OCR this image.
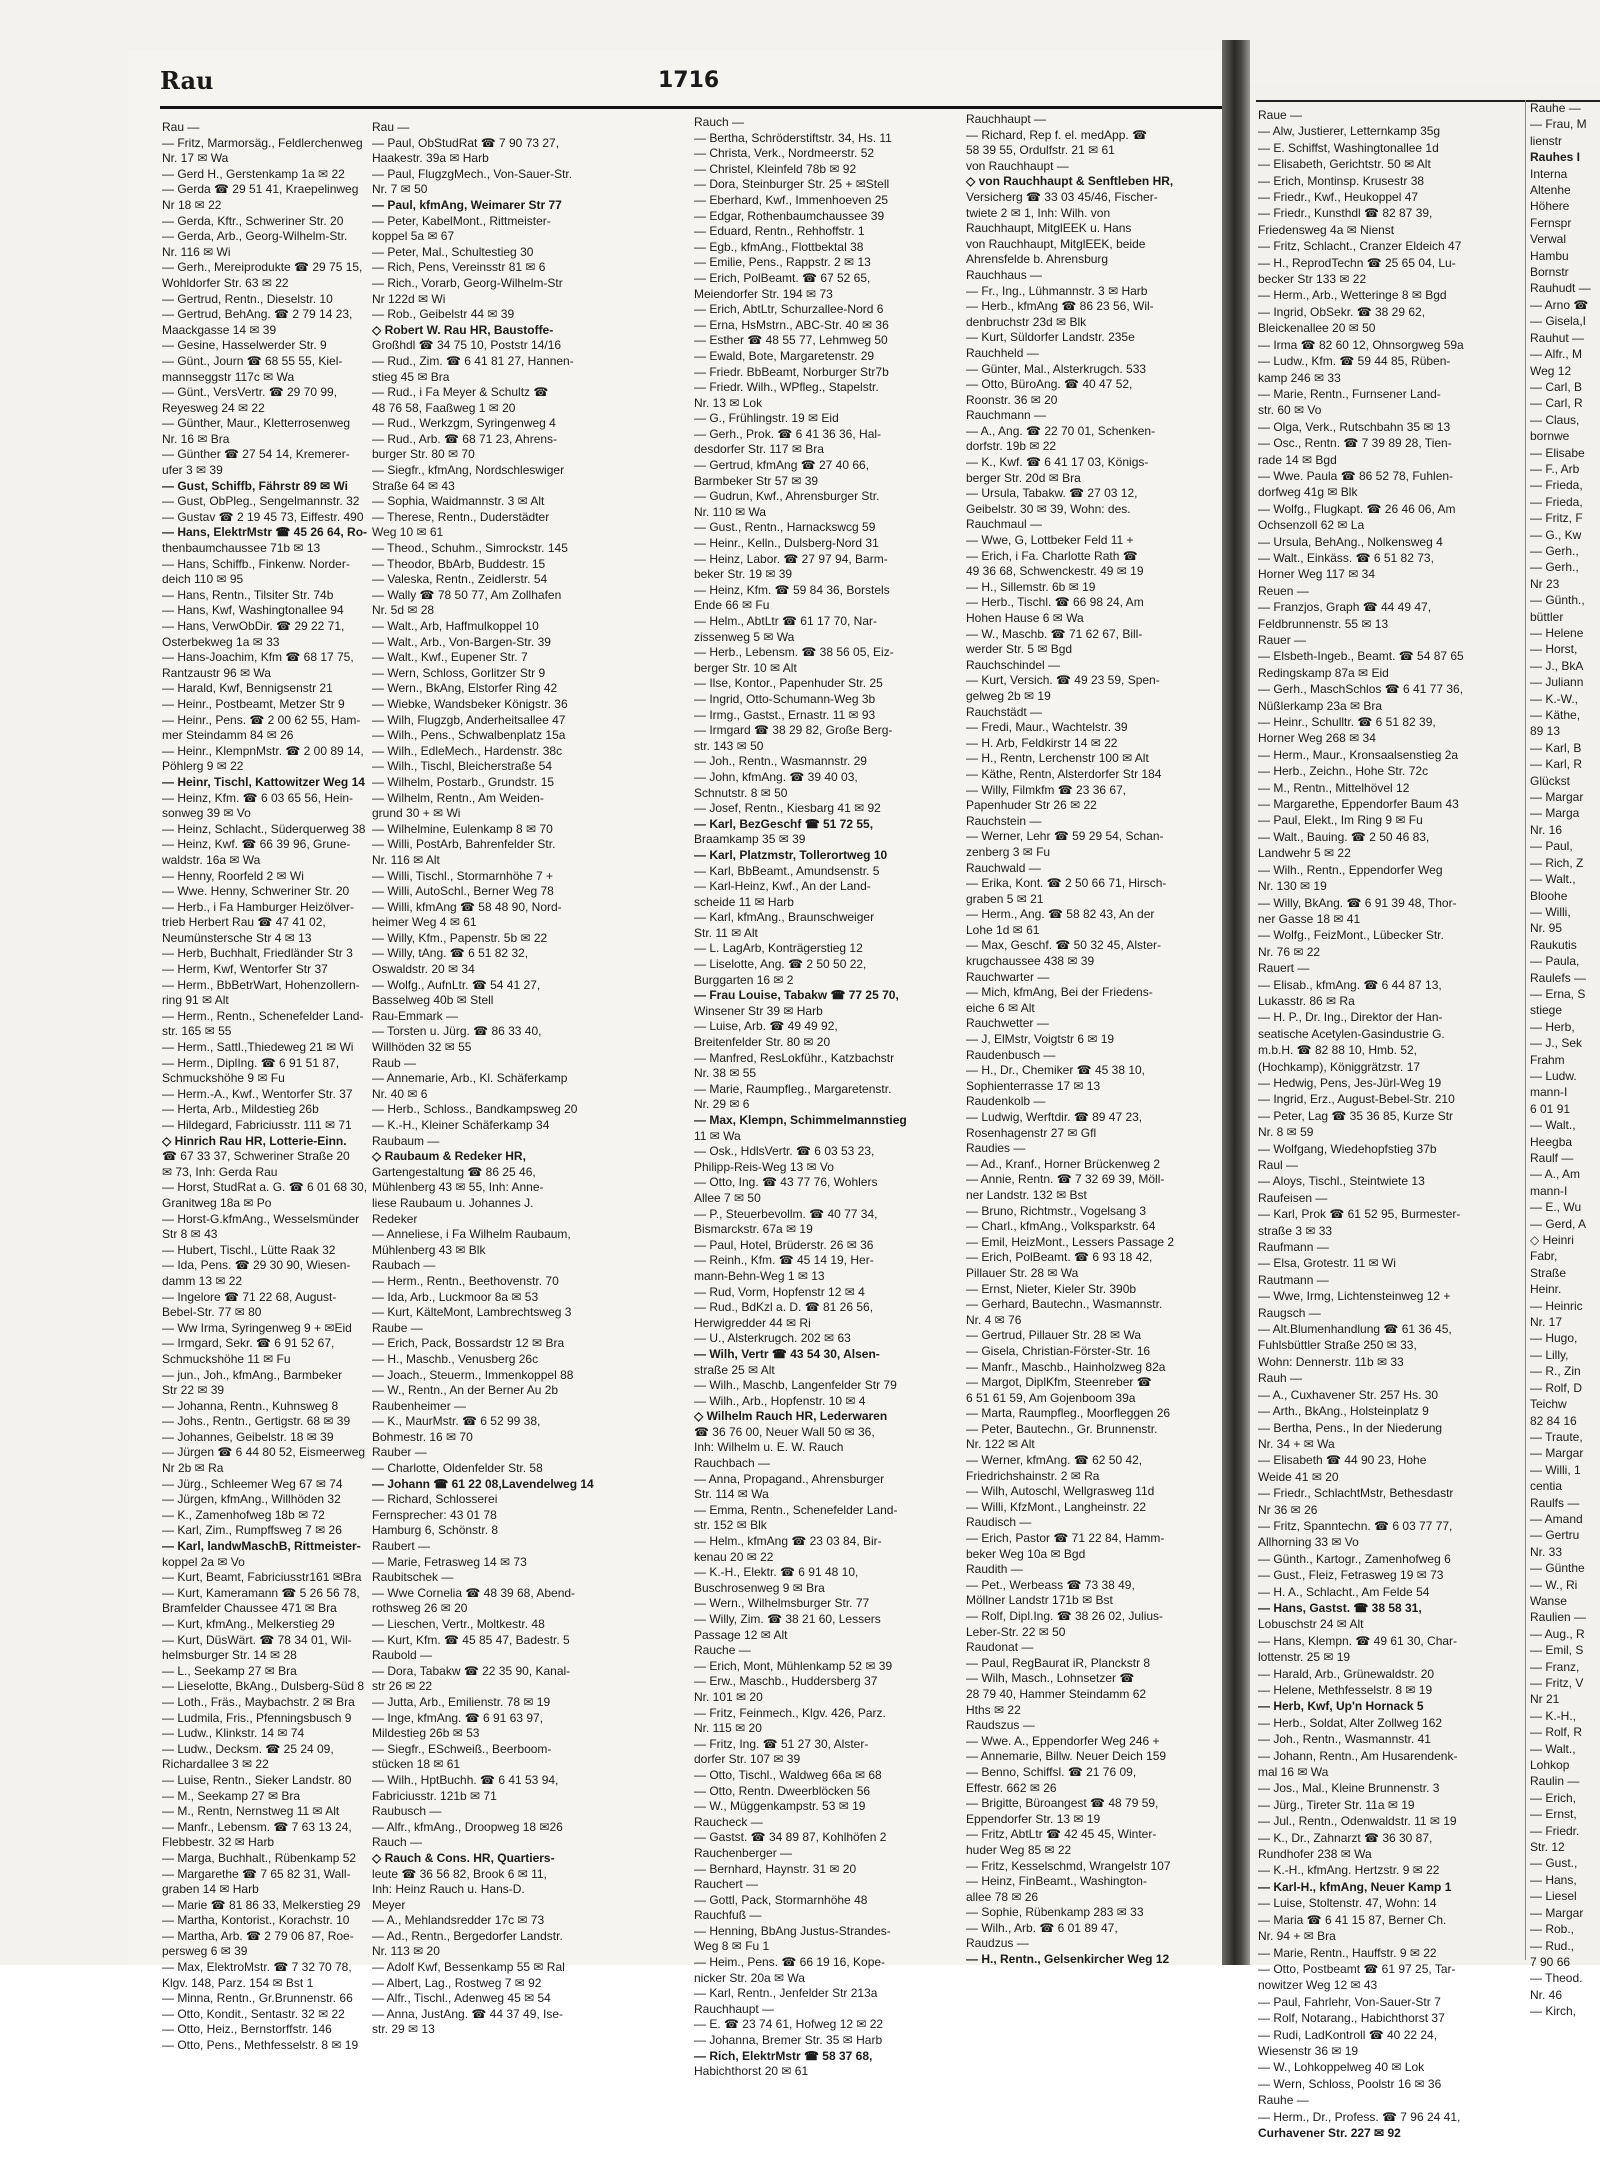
Rau	1716
Rau —
— Fritz, Marmorsäg., Feldlerchenweg
Nr. 17 ✉ Wa
— Gerd H., Gerstenkamp 1a ✉ 22
— Gerda ☎ 29 51 41, Kraepelinweg
Nr 18 ✉ 22
— Gerda, Kftr., Schweriner Str. 20
— Gerda, Arb., Georg-Wilhelm-Str.
Nr. 116 ✉ Wi
— Gerh., Mereiprodukte ☎ 29 75 15,
Wohldorfer Str. 63 ✉ 22
— Gertrud, Rentn., Dieselstr. 10
— Gertrud, BehAng. ☎ 2 79 14 23,
Maackgasse 14 ✉ 39
— Gesine, Hasselwerder Str. 9
— Günt., Journ ☎ 68 55 55, Kiel-
mannseggstr 117c ✉ Wa
— Günt., VersVertr. ☎ 29 70 99,
Reyesweg 24 ✉ 22
— Günther, Maur., Kletterrosenweg
Nr. 16 ✉ Bra
— Günther ☎ 27 54 14, Kremerer-
ufer 3 ✉ 39
— Gust, Schiffb, Fährstr 89 ✉ Wi
— Gust, ObPleg., Sengelmannstr. 32
— Gustav ☎ 2 19 45 73, Eiffestr. 490
— Hans, ElektrMstr ☎ 45 26 64, Ro-
thenbaumchaussee 71b ✉ 13
— Hans, Schiffb., Finkenw. Norder-
deich 110 ✉ 95
— Hans, Rentn., Tilsiter Str. 74b
— Hans, Kwf, Washingtonallee 94
— Hans, VerwObDir. ☎ 29 22 71,
Osterbekweg 1a ✉ 33
— Hans-Joachim, Kfm ☎ 68 17 75,
Rantzaustr 96 ✉ Wa
— Harald, Kwf, Bennigsenstr 21
— Heinr., Postbeamt, Metzer Str 9
— Heinr., Pens. ☎ 2 00 62 55, Ham-
mer Steindamm 84 ✉ 26
— Heinr., KlempnMstr. ☎ 2 00 89 14,
Pöhlerg 9 ✉ 22
— Heinr, Tischl, Kattowitzer Weg 14
— Heinz, Kfm. ☎ 6 03 65 56, Hein-
sonweg 39 ✉ Vo
— Heinz, Schlacht., Süderquerweg 38
— Heinz, Kwf. ☎ 66 39 96, Grune-
waldstr. 16a ✉ Wa
— Henny, Roorfeld 2 ✉ Wi
— Wwe. Henny, Schweriner Str. 20
— Herb., i Fa Hamburger Heizölver-
trieb Herbert Rau ☎ 47 41 02,
Neumünstersche Str 4 ✉ 13
— Herb, Buchhalt, Friedländer Str 3
— Herm, Kwf, Wentorfer Str 37
— Herm., BbBetrWart, Hohenzollern-
ring 91 ✉ Alt
— Herm., Rentn., Schenefelder Land-
str. 165 ✉ 55
— Herm., Sattl.,Thiedeweg 21 ✉ Wi
— Herm., DiplIng. ☎ 6 91 51 87,
Schmuckshöhe 9 ✉ Fu
— Herm.-A., Kwf., Wentorfer Str. 37
— Herta, Arb., Mildestieg 26b
— Hildegard, Fabriciusstr. 111 ✉ 71
◇ Hinrich Rau HR, Lotterie-Einn.
☎ 67 33 37, Schweriner Straße 20
✉ 73, Inh: Gerda Rau
— Horst, StudRat a. G. ☎ 6 01 68 30,
Granitweg 18a ✉ Po
— Horst-G.kfmAng., Wesselsmünder
Str 8 ✉ 43
— Hubert, Tischl., Lütte Raak 32
— Ida, Pens. ☎ 29 30 90, Wiesen-
damm 13 ✉ 22
— Ingelore ☎ 71 22 68, August-
Bebel-Str. 77 ✉ 80
— Ww Irma, Syringenweg 9 + ✉Eid
— Irmgard, Sekr. ☎ 6 91 52 67,
Schmuckshöhe 11 ✉ Fu
— jun., Joh., kfmAng., Barmbeker
Str 22 ✉ 39
— Johanna, Rentn., Kuhnsweg 8
— Johs., Rentn., Gertigstr. 68 ✉ 39
— Johannes, Geibelstr. 18 ✉ 39
— Jürgen ☎ 6 44 80 52, Eismeerweg
Nr 2b ✉ Ra
— Jürg., Schleemer Weg 67 ✉ 74
— Jürgen, kfmAng., Willhöden 32
— K., Zamenhofweg 18b ✉ 72
— Karl, Zim., Rumpffsweg 7 ✉ 26
— Karl, landwMaschB, Rittmeister-
koppel 2a ✉ Vo
— Kurt, Beamt, Fabriciusstr161 ✉Bra
— Kurt, Kameramann ☎ 5 26 56 78,
Bramfelder Chaussee 471 ✉ Bra
— Kurt, kfmAng., Melkerstieg 29
— Kurt, DüsWärt. ☎ 78 34 01, Wil-
helmsburger Str. 14 ✉ 28
— L., Seekamp 27 ✉ Bra
— Lieselotte, BkAng., Dulsberg-Süd 8
— Loth., Fräs., Maybachstr. 2 ✉ Bra
— Ludmila, Fris., Pfenningsbusch 9
— Ludw., Klinkstr. 14 ✉ 74
— Ludw., Decksm. ☎ 25 24 09,
Richardallee 3 ✉ 22
— Luise, Rentn., Sieker Landstr. 80
— M., Seekamp 27 ✉ Bra
— M., Rentn, Nernstweg 11 ✉ Alt
— Manfr., Lebensm. ☎ 7 63 13 24,
Flebbestr. 32 ✉ Harb
— Marga, Buchhalt., Rübenkamp 52
— Margarethe ☎ 7 65 82 31, Wall-
graben 14 ✉ Harb
— Marie ☎ 81 86 33, Melkerstieg 29
— Martha, Kontorist., Korachstr. 10
— Martha, Arb. ☎ 2 79 06 87, Roe-
persweg 6 ✉ 39
— Max, ElektroMstr. ☎ 7 32 70 78,
Klgv. 148, Parz. 154 ✉ Bst 1
— Minna, Rentn., Gr.Brunnenstr. 66
— Otto, Kondit., Sentastr. 32 ✉ 22
— Otto, Heiz., Bernstorffstr. 146
— Otto, Pens., Methfesselstr. 8 ✉ 19
Rau —
— Paul, ObStudRat ☎ 7 90 73 27,
Haakestr. 39a ✉ Harb
— Paul, FlugzgMech., Von-Sauer-Str.
Nr. 7 ✉ 50
— Paul, kfmAng, Weimarer Str 77
— Peter, KabelMont., Rittmeister-
koppel 5a ✉ 67
— Peter, Mal., Schultestieg 30
— Rich, Pens, Vereinsstr 81 ✉ 6
— Rich., Vorarb, Georg-Wilhelm-Str
Nr 122d ✉ Wi
— Rob., Geibelstr 44 ✉ 39
◇ Robert W. Rau HR, Baustoffe-
Großhdl ☎ 34 75 10, Poststr 14/16
— Rud., Zim. ☎ 6 41 81 27, Hannen-
stieg 45 ✉ Bra
— Rud., i Fa Meyer & Schultz ☎
48 76 58, Faaßweg 1 ✉ 20
— Rud., Werkzgm, Syringenweg 4
— Rud., Arb. ☎ 68 71 23, Ahrens-
burger Str. 80 ✉ 70
— Siegfr., kfmAng, Nordschleswiger
Straße 64 ✉ 43
— Sophia, Waidmannstr. 3 ✉ Alt
— Therese, Rentn., Duderstädter
Weg 10 ✉ 61
— Theod., Schuhm., Simrockstr. 145
— Theodor, BbArb, Buddestr. 15
— Valeska, Rentn., Zeidlerstr. 54
— Wally ☎ 78 50 77, Am Zollhafen
Nr. 5d ✉ 28
— Walt., Arb, Haffmulkoppel 10
— Walt., Arb., Von-Bargen-Str. 39
— Walt., Kwf., Eupener Str. 7
— Wern, Schloss, Gorlitzer Str 9
— Wern., BkAng, Elstorfer Ring 42
— Wiebke, Wandsbeker Königstr. 36
— Wilh, Flugzgb, Anderheitsallee 47
— Wilh., Pens., Schwalbenplatz 15a
— Wilh., EdleMech., Hardenstr. 38c
— Wilh., Tischl, Bleicherstraße 54
— Wilhelm, Postarb., Grundstr. 15
— Wilhelm, Rentn., Am Weiden-
grund 30 + ✉ Wi
— Wilhelmine, Eulenkamp 8 ✉ 70
— Willi, PostArb, Bahrenfelder Str.
Nr. 116 ✉ Alt
— Willi, Tischl., Stormarnhöhe 7 +
— Willi, AutoSchl., Berner Weg 78
— Willi, kfmAng ☎ 58 48 90, Nord-
heimer Weg 4 ✉ 61
— Willy, Kfm., Papenstr. 5b ✉ 22
— Willy, tAng. ☎ 6 51 82 32,
Oswaldstr. 20 ✉ 34
— Wolfg., AufnLtr. ☎ 54 41 27,
Basselweg 40b ✉ Stell
Rau-Emmark —
— Torsten u. Jürg. ☎ 86 33 40,
Willhöden 32 ✉ 55
Raub —
— Annemarie, Arb., Kl. Schäferkamp
Nr. 40 ✉ 6
— Herb., Schloss., Bandkampsweg 20
— K.-H., Kleiner Schäferkamp 34
Raubaum —
◇ Raubaum & Redeker HR,
Gartengestaltung ☎ 86 25 46,
Mühlenberg 43 ✉ 55, Inh: Anne-
liese Raubaum u. Johannes J.
Redeker
— Anneliese, i Fa Wilhelm Raubaum,
Mühlenberg 43 ✉ Blk
Raubach —
— Herm., Rentn., Beethovenstr. 70
— Ida, Arb., Luckmoor 8a ✉ 53
— Kurt, KälteMont, Lambrechtsweg 3
Raube —
— Erich, Pack, Bossardstr 12 ✉ Bra
— H., Maschb., Venusberg 26c
— Joach., Steuerm., Immenkoppel 88
— W., Rentn., An der Berner Au 2b
Raubenheimer —
— K., MaurMstr. ☎ 6 52 99 38,
Bohmestr. 16 ✉ 70
Rauber —
— Charlotte, Oldenfelder Str. 58
— Johann ☎ 61 22 08,Lavendelweg 14
— Richard, Schlosserei
Fernsprecher: 43 01 78
Hamburg 6, Schönstr. 8
Raubert —
— Marie, Fetrasweg 14 ✉ 73
Raubitschek —
— Wwe Cornelia ☎ 48 39 68, Abend-
rothsweg 26 ✉ 20
— Lieschen, Vertr., Moltkestr. 48
— Kurt, Kfm. ☎ 45 85 47, Badestr. 5
Raubold —
— Dora, Tabakw ☎ 22 35 90, Kanal-
str 26 ✉ 22
— Jutta, Arb., Emilienstr. 78 ✉ 19
— Inge, kfmAng. ☎ 6 91 63 97,
Mildestieg 26b ✉ 53
— Siegfr., ESchweiß., Beerboom-
stücken 18 ✉ 61
— Wilh., HptBuchh. ☎ 6 41 53 94,
Fabriciusstr. 121b ✉ 71
Raubusch —
— Alfr., kfmAng., Droopweg 18 ✉26
Rauch —
◇ Rauch & Cons. HR, Quartiers-
leute ☎ 36 56 82, Brook 6 ✉ 11,
Inh: Heinz Rauch u. Hans-D.
Meyer
— A., Mehlandsredder 17c ✉ 73
— Ad., Rentn., Bergedorfer Landstr.
Nr. 113 ✉ 20
— Adolf Kwf, Bessenkamp 55 ✉ Ral
— Albert, Lag., Rostweg 7 ✉ 92
— Alfr., Tischl., Adenweg 45 ✉ 54
— Anna, JustAng. ☎ 44 37 49, Ise-
str. 29 ✉ 13
Rauch —
— Bertha, Schröderstiftstr. 34, Hs. 11
— Christa, Verk., Nordmeerstr. 52
— Christel, Kleinfeld 78b ✉ 92
— Dora, Steinburger Str. 25 + ✉Stell
— Eberhard, Kwf., Immenhoeven 25
— Edgar, Rothenbaumchaussee 39
— Eduard, Rentn., Rehhoffstr. 1
— Egb., kfmAng., Flottbektal 38
— Emilie, Pens., Rappstr. 2 ✉ 13
— Erich, PolBeamt. ☎ 67 52 65,
Meiendorfer Str. 194 ✉ 73
— Erich, AbtLtr, Schurzallee-Nord 6
— Erna, HsMstrn., ABC-Str. 40 ✉ 36
— Esther ☎ 48 55 77, Lehmweg 50
— Ewald, Bote, Margaretenstr. 29
— Friedr. BbBeamt, Norburger Str7b
— Friedr. Wilh., WPfleg., Stapelstr.
Nr. 13 ✉ Lok
— G., Frühlingstr. 19 ✉ Eid
— Gerh., Prok. ☎ 6 41 36 36, Hal-
desdorfer Str. 117 ✉ Bra
— Gertrud, kfmAng ☎ 27 40 66,
Barmbeker Str 57 ✉ 39
— Gudrun, Kwf., Ahrensburger Str.
Nr. 110 ✉ Wa
— Gust., Rentn., Harnackswcg 59
— Heinr., Kelln., Dulsberg-Nord 31
— Heinz, Labor. ☎ 27 97 94, Barm-
beker Str. 19 ✉ 39
— Heinz, Kfm. ☎ 59 84 36, Borstels
Ende 66 ✉ Fu
— Helm., AbtLtr ☎ 61 17 70, Nar-
zissenweg 5 ✉ Wa
— Herb., Lebensm. ☎ 38 56 05, Eiz-
berger Str. 10 ✉ Alt
— Ilse, Kontor., Papenhuder Str. 25
— Ingrid, Otto-Schumann-Weg 3b
— Irmg., Gastst., Ernastr. 11 ✉ 93
— Irmgard ☎ 38 29 82, Große Berg-
str. 143 ✉ 50
— Joh., Rentn., Wasmannstr. 29
— John, kfmAng. ☎ 39 40 03,
Schnutstr. 8 ✉ 50
— Josef, Rentn., Kiesbarg 41 ✉ 92
— Karl, BezGeschf ☎ 51 72 55,
Braamkamp 35 ✉ 39
— Karl, Platzmstr, Tollerortweg 10
— Karl, BbBeamt., Amundsenstr. 5
— Karl-Heinz, Kwf., An der Land-
scheide 11 ✉ Harb
— Karl, kfmAng., Braunschweiger
Str. 11 ✉ Alt
— L. LagArb, Konträgerstieg 12
— Liselotte, Ang. ☎ 2 50 50 22,
Burggarten 16 ✉ 2
— Frau Louise, Tabakw ☎ 77 25 70,
Winsener Str 39 ✉ Harb
— Luise, Arb. ☎ 49 49 92,
Breitenfelder Str. 80 ✉ 20
— Manfred, ResLokführ., Katzbachstr
Nr. 38 ✉ 55
— Marie, Raumpfleg., Margaretenstr.
Nr. 29 ✉ 6
— Max, Klempn, Schimmelmannstieg
11 ✉ Wa
— Osk., HdlsVertr. ☎ 6 03 53 23,
Philipp-Reis-Weg 13 ✉ Vo
— Otto, Ing. ☎ 43 77 76, Wohlers
Allee 7 ✉ 50
— P., Steuerbevollm. ☎ 40 77 34,
Bismarckstr. 67a ✉ 19
— Paul, Hotel, Brüderstr. 26 ✉ 36
— Reinh., Kfm. ☎ 45 14 19, Her-
mann-Behn-Weg 1 ✉ 13
— Rud, Vorm, Hopfenstr 12 ✉ 4
— Rud., BdKzl a. D. ☎ 81 26 56,
Herwigredder 44 ✉ Ri
— U., Alsterkrugch. 202 ✉ 63
— Wilh, Vertr ☎ 43 54 30, Alsen-
straße 25 ✉ Alt
— Wilh., Maschb, Langenfelder Str 79
— Wilh., Arb., Hopfenstr. 10 ✉ 4
◇ Wilhelm Rauch HR, Lederwaren
☎ 36 76 00, Neuer Wall 50 ✉ 36,
Inh: Wilhelm u. E. W. Rauch
Rauchbach —
— Anna, Propagand., Ahrensburger
Str. 114 ✉ Wa
— Emma, Rentn., Schenefelder Land-
str. 152 ✉ Blk
— Helm., kfmAng ☎ 23 03 84, Bir-
kenau 20 ✉ 22
— K.-H., Elektr. ☎ 6 91 48 10,
Buschrosenweg 9 ✉ Bra
— Wern., Wilhelmsburger Str. 77
— Willy, Zim. ☎ 38 21 60, Lessers
Passage 12 ✉ Alt
Rauche —
— Erich, Mont, Mühlenkamp 52 ✉ 39
— Erw., Maschb., Huddersberg 37
Nr. 101 ✉ 20
— Fritz, Feinmech., Klgv. 426, Parz.
Nr. 115 ✉ 20
— Fritz, Ing. ☎ 51 27 30, Alster-
dorfer Str. 107 ✉ 39
— Otto, Tischl., Waldweg 66a ✉ 68
— Otto, Rentn. Dweerblöcken 56
— W., Müggenkampstr. 53 ✉ 19
Raucheck —
— Gastst. ☎ 34 89 87, Kohlhöfen 2
Rauchenberger —
— Bernhard, Haynstr. 31 ✉ 20
Rauchert —
— Gottl, Pack, Stormarnhöhe 48
Rauchfuß —
— Henning, BbAng Justus-Strandes-
Weg 8 ✉ Fu 1
— Heim., Pens. ☎ 66 19 16, Kope-
nicker Str. 20a ✉ Wa
— Karl, Rentn., Jenfelder Str 213a
Rauchhaupt —
— E. ☎ 23 74 61, Hofweg 12 ✉ 22
— Johanna, Bremer Str. 35 ✉ Harb
— Rich, ElektrMstr ☎ 58 37 68,
Habichthorst 20 ✉ 61
Rauchhaupt —
— Richard, Rep f. el. medApp. ☎
58 39 55, Ordulfstr. 21 ✉ 61
von Rauchhaupt —
◇ von Rauchhaupt & Senftleben HR,
Versicherg ☎ 33 03 45/46, Fischer-
twiete 2 ✉ 1, Inh: Wilh. von
Rauchhaupt, MitglEEK u. Hans
von Rauchhaupt, MitglEEK, beide
Ahrensfelde b. Ahrensburg
Rauchhaus —
— Fr., Ing., Lühmannstr. 3 ✉ Harb
— Herb., kfmAng ☎ 86 23 56, Wil-
denbruchstr 23d ✉ Blk
— Kurt, Süldorfer Landstr. 235e
Rauchheld —
— Günter, Mal., Alsterkrugch. 533
— Otto, BüroAng. ☎ 40 47 52,
Roonstr. 36 ✉ 20
Rauchmann —
— A., Ang. ☎ 22 70 01, Schenken-
dorfstr. 19b ✉ 22
— K., Kwf. ☎ 6 41 17 03, Königs-
berger Str. 20d ✉ Bra
— Ursula, Tabakw. ☎ 27 03 12,
Geibelstr. 30 ✉ 39, Wohn: des.
Rauchmaul —
— Wwe, G, Lottbeker Feld 11 +
— Erich, i Fa. Charlotte Rath ☎
49 36 68, Schwenckestr. 49 ✉ 19
— H., Sillemstr. 6b ✉ 19
— Herb., Tischl. ☎ 66 98 24, Am
Hohen Hause 6 ✉ Wa
— W., Maschb. ☎ 71 62 67, Bill-
werder Str. 5 ✉ Bgd
Rauchschindel —
— Kurt, Versich. ☎ 49 23 59, Spen-
gelweg 2b ✉ 19
Rauchstädt —
— Fredi, Maur., Wachtelstr. 39
— H. Arb, Feldkirstr 14 ✉ 22
— H., Rentn, Lerchenstr 100 ✉ Alt
— Käthe, Rentn, Alsterdorfer Str 184
— Willy, Filmkfm ☎ 23 36 67,
Papenhuder Str 26 ✉ 22
Rauchstein —
— Werner, Lehr ☎ 59 29 54, Schan-
zenberg 3 ✉ Fu
Rauchwald —
— Erika, Kont. ☎ 2 50 66 71, Hirsch-
graben 5 ✉ 21
— Herm., Ang. ☎ 58 82 43, An der
Lohe 1d ✉ 61
— Max, Geschf. ☎ 50 32 45, Alster-
krugchaussee 438 ✉ 39
Rauchwarter —
— Mich, kfmAng, Bei der Friedens-
eiche 6 ✉ Alt
Rauchwetter —
— J, ElMstr, Voigtstr 6 ✉ 19
Raudenbusch —
— H., Dr., Chemiker ☎ 45 38 10,
Sophienterrasse 17 ✉ 13
Raudenkolb —
— Ludwig, Werftdir. ☎ 89 47 23,
Rosenhagenstr 27 ✉ Gfl
Raudies —
— Ad., Kranf., Horner Brückenweg 2
— Annie, Rentn. ☎ 7 32 69 39, Möll-
ner Landstr. 132 ✉ Bst
— Bruno, Richtmstr., Vogelsang 3
— Charl., kfmAng., Volksparkstr. 64
— Emil, HeizMont., Lessers Passage 2
— Erich, PolBeamt. ☎ 6 93 18 42,
Pillauer Str. 28 ✉ Wa
— Ernst, Nieter, Kieler Str. 390b
— Gerhard, Bautechn., Wasmannstr.
Nr. 4 ✉ 76
— Gertrud, Pillauer Str. 28 ✉ Wa
— Gisela, Christian-Förster-Str. 16
— Manfr., Maschb., Hainholzweg 82a
— Margot, DiplKfm, Steenreber ☎
6 51 61 59, Am Gojenboom 39a
— Marta, Raumpfleg., Moorfleggen 26
— Peter, Bautechn., Gr. Brunnenstr.
Nr. 122 ✉ Alt
— Werner, kfmAng. ☎ 62 50 42,
Friedrichshainstr. 2 ✉ Ra
— Wilh, Autoschl, Wellgrasweg 11d
— Willi, KfzMont., Langheinstr. 22
Raudisch —
— Erich, Pastor ☎ 71 22 84, Hamm-
beker Weg 10a ✉ Bgd
Raudith —
— Pet., Werbeass ☎ 73 38 49,
Möllner Landstr 171b ✉ Bst
— Rolf, Dipl.Ing. ☎ 38 26 02, Julius-
Leber-Str. 22 ✉ 50
Raudonat —
— Paul, RegBaurat iR, Planckstr 8
— Wilh, Masch., Lohnsetzer ☎
28 79 40, Hammer Steindamm 62
Hths ✉ 22
Raudszus —
— Wwe. A., Eppendorfer Weg 246 +
— Annemarie, Billw. Neuer Deich 159
— Benno, Schiffsl. ☎ 21 76 09,
Effestr. 662 ✉ 26
— Brigitte, Büroangest ☎ 48 79 59,
Eppendorfer Str. 13 ✉ 19
— Fritz, AbtLtr ☎ 42 45 45, Winter-
huder Weg 85 ✉ 22
— Fritz, Kesselschmd, Wrangelstr 107
— Heinz, FinBeamt., Washington-
allee 78 ✉ 26
— Sophie, Rübenkamp 283 ✉ 33
— Wilh., Arb. ☎ 6 01 89 47,
Raudzus —
— H., Rentn., Gelsenkircher Weg 12
Raue —
— Alw, Justierer, Letternkamp 35g
— E. Schiffst, Washingtonallee 1d
— Elisabeth, Gerichtstr. 50 ✉ Alt
— Erich, Montinsp. Krusestr 38
— Friedr., Kwf., Heukoppel 47
— Friedr., Kunsthdl ☎ 82 87 39,
Friedensweg 4a ✉ Nienst
— Fritz, Schlacht., Cranzer Eldeich 47
— H., ReprodTechn ☎ 25 65 04, Lu-
becker Str 133 ✉ 22
— Herm., Arb., Wetteringe 8 ✉ Bgd
— Ingrid, ObSekr. ☎ 38 29 62,
Bleickenallee 20 ✉ 50
— Irma ☎ 82 60 12, Ohnsorgweg 59a
— Ludw., Kfm. ☎ 59 44 85, Rüben-
kamp 246 ✉ 33
— Marie, Rentn., Furnsener Land-
str. 60 ✉ Vo
— Olga, Verk., Rutschbahn 35 ✉ 13
— Osc., Rentn. ☎ 7 39 89 28, Tien-
rade 14 ✉ Bgd
— Wwe. Paula ☎ 86 52 78, Fuhlen-
dorfweg 41g ✉ Blk
— Wolfg., Flugkapt. ☎ 26 46 06, Am
Ochsenzoll 62 ✉ La
— Ursula, BehAng., Nolkensweg 4
— Walt., Einkäss. ☎ 6 51 82 73,
Horner Weg 117 ✉ 34
Reuen —
— Franzjos, Graph ☎ 44 49 47,
Feldbrunnenstr. 55 ✉ 13
Rauer —
— Elsbeth-Ingeb., Beamt. ☎ 54 87 65
Redingskamp 87a ✉ Eid
— Gerh., MaschSchlos ☎ 6 41 77 36,
Nüßlerkamp 23a ✉ Bra
— Heinr., Schulltr. ☎ 6 51 82 39,
Horner Weg 268 ✉ 34
— Herm., Maur., Kronsaalsenstieg 2a
— Herb., Zeichn., Hohe Str. 72c
— M., Rentn., Mittelhövel 12
— Margarethe, Eppendorfer Baum 43
— Paul, Elekt., Im Ring 9 ✉ Fu
— Walt., Bauing. ☎ 2 50 46 83,
Landwehr 5 ✉ 22
— Wilh., Rentn., Eppendorfer Weg
Nr. 130 ✉ 19
— Willy, BkAng. ☎ 6 91 39 48, Thor-
ner Gasse 18 ✉ 41
— Wolfg., FeizMont., Lübecker Str.
Nr. 76 ✉ 22
Rauert —
— Elisab., kfmAng. ☎ 6 44 87 13,
Lukasstr. 86 ✉ Ra
— H. P., Dr. Ing., Direktor der Han-
seatische Acetylen-Gasindustrie G.
m.b.H. ☎ 82 88 10, Hmb. 52,
(Hochkamp), Königgrätzstr. 17
— Hedwig, Pens, Jes-Jürl-Weg 19
— Ingrid, Erz., August-Bebel-Str. 210
— Peter, Lag ☎ 35 36 85, Kurze Str
Nr. 8 ✉ 59
— Wolfgang, Wiedehopfstieg 37b
Raul —
— Aloys, Tischl., Steintwiete 13
Raufeisen —
— Karl, Prok ☎ 61 52 95, Burmester-
straße 3 ✉ 33
Raufmann —
— Elsa, Grotestr. 11 ✉ Wi
Rautmann —
— Wwe, Irmg, Lichtensteinweg 12 +
Raugsch —
— Alt.Blumenhandlung ☎ 61 36 45,
Fuhlsbüttler Straße 250 ✉ 33,
Wohn: Dennerstr. 11b ✉ 33
Rauh —
— A., Cuxhavener Str. 257 Hs. 30
— Arth., BkAng., Holsteinplatz 9
— Bertha, Pens., In der Niederung
Nr. 34 + ✉ Wa
— Elisabeth ☎ 44 90 23, Hohe
Weide 41 ✉ 20
— Friedr., SchlachtMstr, Bethesdastr
Nr 36 ✉ 26
— Fritz, Spanntechn. ☎ 6 03 77 77,
Allhorning 33 ✉ Vo
— Günth., Kartogr., Zamenhofweg 6
— Gust., Fleiz, Fetrasweg 19 ✉ 73
— H. A., Schlacht., Am Felde 54
— Hans, Gastst. ☎ 38 58 31,
Lobuschstr 24 ✉ Alt
— Hans, Klempn. ☎ 49 61 30, Char-
lottenstr. 25 ✉ 19
— Harald, Arb., Grünewaldstr. 20
— Helene, Methfesselstr. 8 ✉ 19
— Herb, Kwf, Up'n Hornack 5
— Herb., Soldat, Alter Zollweg 162
— Joh., Rentn., Wasmannstr. 41
— Johann, Rentn., Am Husarendenk-
mal 16 ✉ Wa
— Jos., Mal., Kleine Brunnenstr. 3
— Jürg., Tireter Str. 11a ✉ 19
— Jul., Rentn., Odenwaldstr. 11 ✉ 19
— K., Dr., Zahnarzt ☎ 36 30 87,
Rundhofer 238 ✉ Wa
— K.-H., kfmAng. Hertzstr. 9 ✉ 22
— Karl-H., kfmAng, Neuer Kamp 1
— Luise, Stoltenstr. 47, Wohn: 14
— Maria ☎ 6 41 15 87, Berner Ch.
Nr. 94 + ✉ Bra
— Marie, Rentn., Hauffstr. 9 ✉ 22
— Otto, Postbeamt ☎ 61 97 25, Tar-
nowitzer Weg 12 ✉ 43
— Paul, Fahrlehr, Von-Sauer-Str 7
— Rolf, Notarang., Habichthorst 37
— Rudi, LadKontroll ☎ 40 22 24,
Wiesenstr 36 ✉ 19
— W., Lohkoppelweg 40 ✉ Lok
— Wern, Schloss, Poolstr 16 ✉ 36
Rauhe —
— Herm., Dr., Profess. ☎ 7 96 24 41,
Curhavener Str. 227 ✉ 92
Rauhe —
— Frau, M
lienstr
Rauhes I
Interna
Altenhe
Höhere
Fernspr
Verwal
Hambu
Bornstr
Rauhudt —
— Arno ☎
— Gisela,I
Rauhut —
— Alfr., M
Weg 12
— Carl, B
— Carl, R
— Claus,
bornwe
— Elisabe
— F., Arb
— Frieda,
— Frieda,
— Fritz, F
— G., Kw
— Gerh.,
— Gerh.,
Nr 23
— Günth.,
büttler
— Helene
— Horst,
— J., BkA
— Juliann
— K.-W.,
— Käthe,
89 13
— Karl, B
— Karl, R
Glückst
— Margar
— Marga
Nr. 16
— Paul,
— Rich, Z
— Walt.,
Bloohe
— Willi,
Nr. 95
Raukutis
— Paula,
Raulefs —
— Erna, S
stiege
— Herb,
— J., Sek
Frahm
— Ludw.
mann-I
6 01 91
— Walt.,
Heegba
Raulf —
— A., Am
mann-I
— E., Wu
— Gerd, A
◇ Heinri
Fabr,
Straße
Heinr.
— Heinric
Nr. 17
— Hugo,
— Lilly,
— R., Zin
— Rolf, D
Teichw
82 84 16
— Traute,
— Margar
— Willi, 1
centia
Raulfs —
— Amand
— Gertru
Nr. 33
— Günthe
— W., Ri
Wanse
Raulien —
— Aug., R
— Emil, S
— Franz,
— Fritz, V
Nr 21
— K.-H.,
— Rolf, R
— Walt.,
Lohkop
Raulin —
— Erich,
— Ernst,
— Friedr.
Str. 12
— Gust.,
— Hans,
— Liesel
— Margar
— Rob.,
— Rud.,
7 90 66
— Theod.
Nr. 46
— Kirch,
